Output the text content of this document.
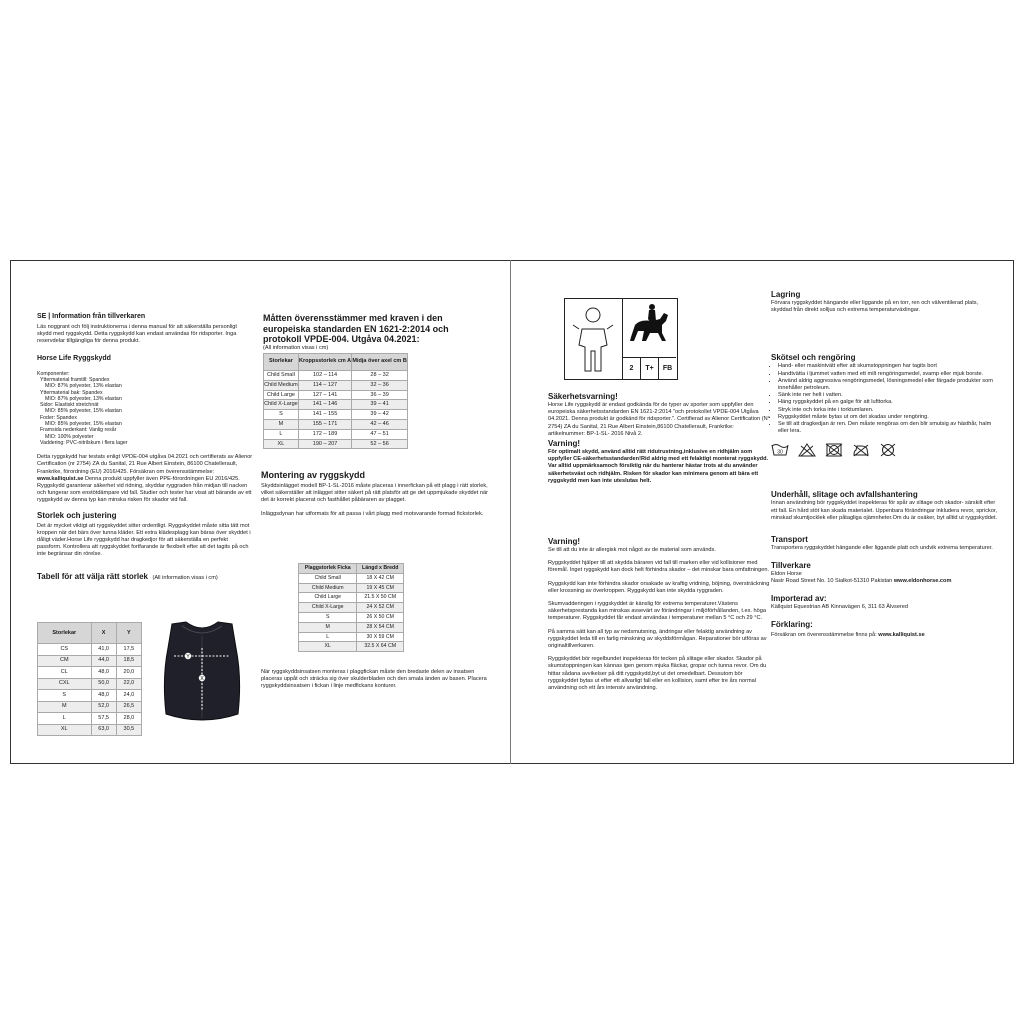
SE | Information från tillverkaren
Läs noggrant och följ instruktionerna i denna manual för att säkerställa personligt skydd med ryggskydd. Detta ryggskydd kan endast användas för ridsporter. Inga reservdelar tillgängliga för denna produkt.
Horse Life Ryggskydd
Komponenter:
Yttermaterial framtill: Spandex
MIO: 87% polyester, 13% elastan
Yttermaterial bak: Spandex
MIO: 87% polyester, 13% elastan
Sidor: Elastiskt stretchnät
MIO: 85% polyester, 15% elastan
Foder: Spandex
MIO: 85% polyester, 15% elastan
Framsida nederkant: Vanlig resår
MIO: 100% polyester
Vaddering: PVC-nitrilskum i flera lager
Detta ryggskydd har testats enligt VPDE-004 utgåva 04.2021 och certifierats av Alienor Certification (nr 2754) ZA du Sanital, 21 Rue Albert Einstein, 86100 Chatellerault, Frankrike, förordning (EU) 2016/425. Försäkran om överensstämmelse:
www.kalliquist.se Denna produkt uppfyller även PPE-förordningen EU 2016/425. Ryggskydd garanterar säkerhet vid ridning, skyddar ryggraden från midjan till nacken och fungerar som enstötdämpare vid fall. Studier och tester har visat att bärande av ett ryggskydd av denna typ kan minska risken för skador vid fall.
Storlek och justering
Det är mycket viktigt att ryggskyddet sitter ordentligt. Ryggskyddet måste sitta tätt mot kroppen när det bärs över tunna kläder. Ett extra klädesplagg kan bäras över skyddet i dåligt väder.Horse Life ryggskydd har dragkedjor för att säkerställa en perfekt passform. Kontrollera att ryggskyddet fortfarande är flexibelt efter att det tagits på och inte begränsar din rörelse.
Tabell för att välja rätt storlek (All information visas i cm)
Storlekar	X	Y
CS	41,0	17,5
CM	44,0	18,5
CL	48,0	20,0
CXL	50,0	22,0
S	48,0	24,0
M	52,0	26,5
L	57,5	28,0
XL	63,0	30,5
Y
X
Måtten överensstämmer med kraven i den europeiska standarden EN 1621-2:2014 och protokoll VPDE-004. Utgåva 04.2021:
(All information visas i cm)
Storlekar	Kroppsstorlek cm A	Midja över axel cm B
Child Small	102 – 114	28 – 32
Child Medium	114 – 127	32 – 36
Child Large	127 – 141	36 – 39
Child X-Large	141 – 146	39 – 41
S	141 – 155	39 – 42
M	155 – 171	42 – 46
L	172 – 189	47 – 51
XL	190 – 207	52 – 56
Montering av ryggskydd
Skyddsinlägget modell BP-1-SL-2016 måste placeras i innerfickan på ett plagg i rätt storlek, vilket säkerställer att inlägget sitter säkert på rätt platsför att ge det uppmjukade skyddet när det är korrekt placerat och fasthållet påbäraren av plagget.
Inläggsdynan har utformats för att passa i vårt plagg med motsvarande formad fickstorlek.
Plaggstorlek Ficka	Längd x Bredd
Child Small	18 X 42 CM
Child Medium	19 X 45 CM
Child Large	21.5 X 50 CM
Child X-Large	24 X 52 CM
S	26 X 50 CM
M	28 X 54 CM
L	30 X 59 CM
XL	32.5 X 64 CM
När ryggskyddsinsatsen monteras i plaggfickan måste den bredaste delen av insatsen placeras uppåt och sträcka sig över skulderbladen och den smala änden av basen. Placera ryggskyddsinsatsen i fickan i linje medfickans konturer.
2	T+	FB
Säkerhetsvarning!
Horse Life ryggskydd är endast godkända för de typer av sporter som uppfyller den europeiska säkerhetsstandarden EN 1621-2:2014 "och protokollet VPDE-004 Utgåva 04.2021. Denna produkt är godkänd för ridsporter.". Certifierad av Alienor Certification (N° 2754) ZA du Sanital, 21 Rue Albert Einstein,86100 Chatellerault, Frankrike: artikelnummer: BP-1-SL- 2016 Nivå 2.
Varning!
För optimalt skydd, använd alltid rätt ridutrustning,inklusive en ridhjälm som uppfyller CE-säkerhetsstandarden!Rid aldrig med ett felaktigt monterat ryggskydd. Var alltid uppmärksamoch försiktig när du hanterar hästar trots at du använder säkerhetsväst och ridhjälm. Risken för skador kan minimera genom att bära ett ryggskydd men kan inte uteslutas helt.
Varning!
Se till att du inte är allergisk mot något av de material som används.
Ryggskyddet hjälper till att skydda bäraren vid fall till marken eller vid kollisioner med föremål. Inget ryggskydd kan dock helt förhindra skador – det minskar bara omfattningen.
Ryggskydd kan inte förhindra skador orsakade av kraftig vridning, böjning, översträckning eller krossning av överkroppen. Ryggskydd kan inte skydda ryggraden.
Skumvadderingen i ryggskyddet är känslig för extrema temperaturer.Västens säkerhetsprestanda kan minskas avsevärt av förändringar i miljöförhållanden, t.ex. höga temperaturer. Ryggskyddet får endast användas i temperaturer mellan 5 °C och 29 °C.
På samma sätt kan all typ av nedsmutsning, ändringar eller felaktig användning av ryggskyddet leda till en farlig minskning av skyddsförmågan. Reparationer bör utföras av originaltillverkaren.
Ryggskyddet bör regelbundet inspekteras för tecken på slitage eller skador. Skador på skumstoppningen kan kännas igen genom mjuka fläckar, gropar och tunna revor. Om du hittar sådana avvikelser på ditt ryggskydd,byt ut det omedelbart. Dessutom bör ryggskyddet bytas ut efter ett allvarligt fall eller en kollision, samt efter tre års normal användning och ett års intensiv användning.
Lagring
Förvara ryggskyddet hängande eller liggande på en torr, ren och välventilerad plats, skyddad från direkt solljus och extrema temperaturväxlingar.
Skötsel och rengöring
• Hand- eller maskintvätt efter att skumstoppningen har tagits bort
• Handtvätta i ljummet vatten med ett milt rengöringsmedel, svamp eller mjuk borste.
• Använd aldrig aggressiva rengöringsmedel, lösningsmedel eller färgade produkter som innehåller petroleum.
• Sänk inte ner helt i vatten.
• Häng ryggskyddet på en galge för att lufttorka.
• Stryk inte och torka inte i torktumlaren.
• Ryggskyddet måste bytas ut om det skadas under rengöring.
• Se till att dragkedjan är ren. Den måste rengöras om den blir smutsig av hästhår, halm eller lera.
30
Underhåll, slitage och avfallshantering
Innan användning bör ryggskyddet inspekteras för spår av slitage och skador- särskilt efter ett fall. En hård stöt kan skada materialet. Uppenbara förändringar inkludera revor, sprickor, minskad skumtjocklek eller påtagliga ojämnheter.Om du är osäker, byt alltid ut ryggskyddet.
Transport
Transportera ryggskyddet hängande eller liggande platt och undvik extrema temperaturer.
Tillverkare
Eldon Horse
Nasir Road Street No. 10 Sialkot-51310 Pakistan www.eldonhorse.com
Importerad av:
Källquist Equestrian AB Kinnavägen 6, 311 63 Älvsered
Förklaring:
Försäkran om överensstämmelse finns på: www.kalliquist.se
